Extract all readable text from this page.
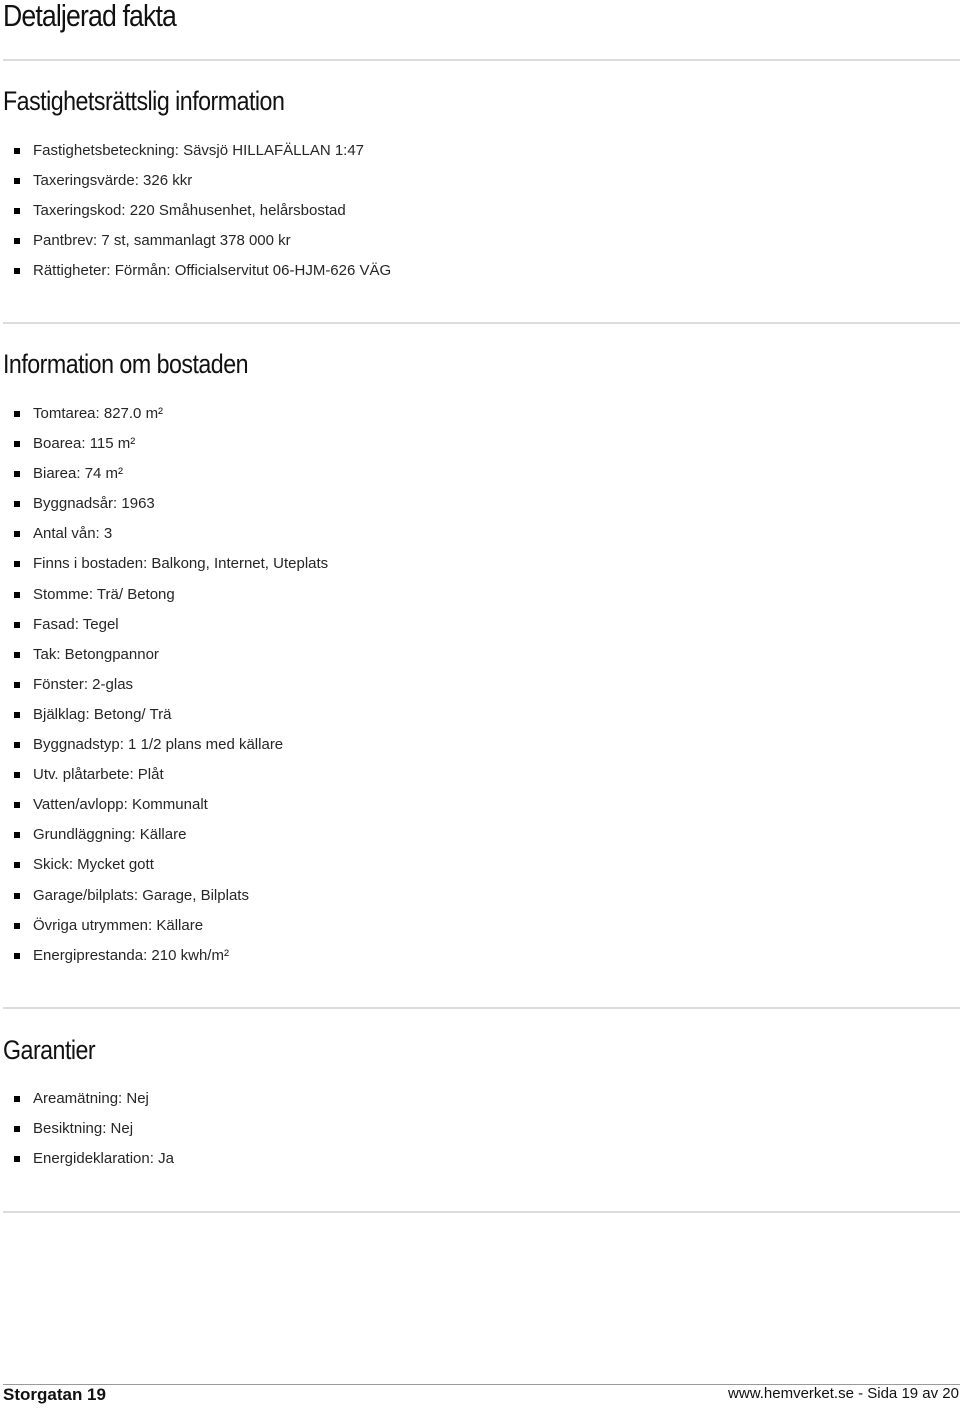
Detaljerad fakta
Fastighetsrättslig information
Fastighetsbeteckning: Sävsjö HILLAFÄLLAN 1:47
Taxeringsvärde: 326 kkr
Taxeringskod: 220 Småhusenhet, helårsbostad
Pantbrev: 7 st, sammanlagt 378 000 kr
Rättigheter: Förmån: Officialservitut 06-HJM-626 VÄG
Information om bostaden
Tomtarea: 827.0 m²
Boarea: 115 m²
Biarea: 74 m²
Byggnadsår: 1963
Antal vån: 3
Finns i bostaden: Balkong, Internet, Uteplats
Stomme: Trä/ Betong
Fasad: Tegel
Tak: Betongpannor
Fönster: 2-glas
Bjälklag: Betong/ Trä
Byggnadstyp: 1 1/2 plans med källare
Utv. plåtarbete: Plåt
Vatten/avlopp: Kommunalt
Grundläggning: Källare
Skick: Mycket gott
Garage/bilplats: Garage, Bilplats
Övriga utrymmen: Källare
Energiprestanda: 210 kwh/m²
Garantier
Areamätning: Nej
Besiktning: Nej
Energideklaration: Ja
Storgatan 19	www.hemverket.se - Sida 19 av 20
